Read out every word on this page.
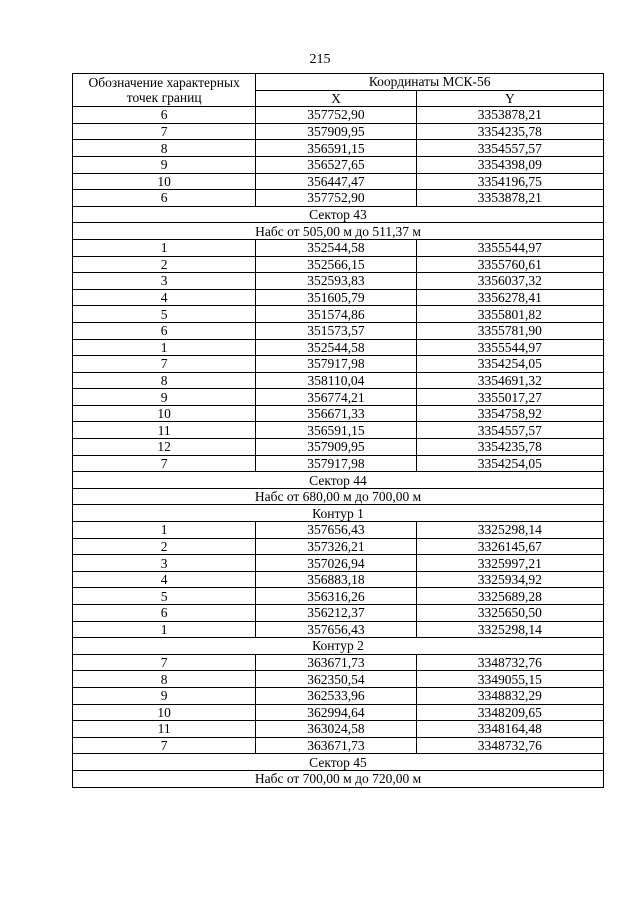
215
Обозначение характерных точек границ	Координаты МСК-56	
	X	Y
6	357752,90	3353878,21
7	357909,95	3354235,78
8	356591,15	3354557,57
9	356527,65	3354398,09
10	356447,47	3354196,75
6	357752,90	3353878,21
Сектор 43		
Набс от 505,00 м до 511,37 м		
1	352544,58	3355544,97
2	352566,15	3355760,61
3	352593,83	3356037,32
4	351605,79	3356278,41
5	351574,86	3355801,82
6	351573,57	3355781,90
1	352544,58	3355544,97
7	357917,98	3354254,05
8	358110,04	3354691,32
9	356774,21	3355017,27
10	356671,33	3354758,92
11	356591,15	3354557,57
12	357909,95	3354235,78
7	357917,98	3354254,05
Сектор 44		
Набс от 680,00 м до 700,00 м		
Контур 1		
1	357656,43	3325298,14
2	357326,21	3326145,67
3	357026,94	3325997,21
4	356883,18	3325934,92
5	356316,26	3325689,28
6	356212,37	3325650,50
1	357656,43	3325298,14
Контур 2		
7	363671,73	3348732,76
8	362350,54	3349055,15
9	362533,96	3348832,29
10	362994,64	3348209,65
11	363024,58	3348164,48
7	363671,73	3348732,76
Сектор 45		
Набс от 700,00 м до 720,00 м		
